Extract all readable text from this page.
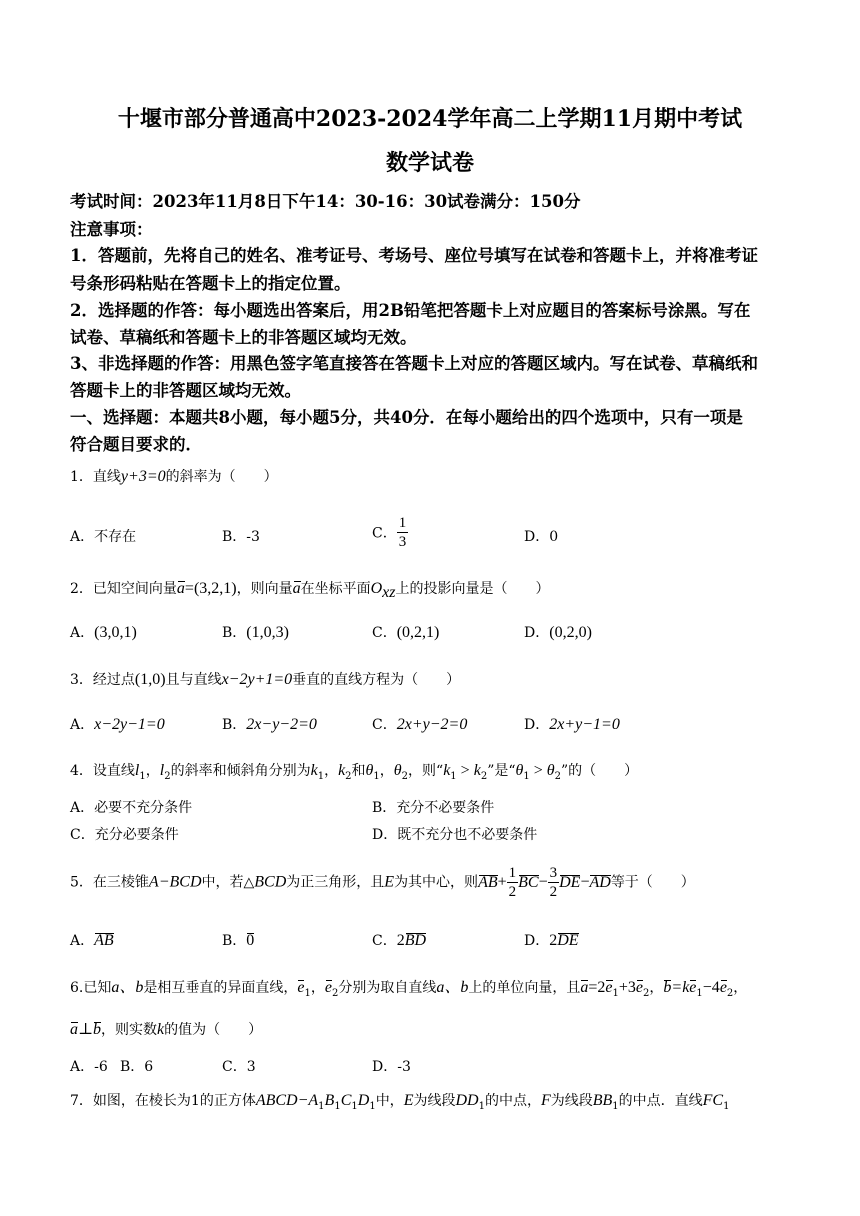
十堰市部分普通高中2023-2024学年高二上学期11月期中考试
数学试卷
考试时间：2023年11月8日下午14：30-16：30试卷满分：150分
注意事项：
1．答题前，先将自己的姓名、准考证号、考场号、座位号填写在试卷和答题卡上，并将准考证
号条形码粘贴在答题卡上的指定位置。
2．选择题的作答：每小题选出答案后，用2B铅笔把答题卡上对应题目的答案标号涂黑。写在
试卷、草稿纸和答题卡上的非答题区域均无效。
3、非选择题的作答：用黑色签字笔直接答在答题卡上对应的答题区域内。写在试卷、草稿纸和
答题卡上的非答题区域均无效。
一、选择题：本题共8小题，每小题5分，共40分．在每小题给出的四个选项中，只有一项是
符合题目要求的．
1．直线y+3=0的斜率为（　　）
A．不存在	B．-3	C． $\frac{1}{3}$	D．0
2．已知空间向量a=(3,2,1)，则向量a在坐标平面$O_{xz}$上的投影向量是（　　）
A．(3,0,1)	B．(1,0,3)	C．(0,2,1)	D．(0,2,0)
3．经过点(1,0)且与直线x−2y+1=0垂直的直线方程为（　　）
A．x−2y−1=0	B．2x−y−2=0	C．2x+y−2=0	D．2x+y−1=0
4．设直线$l_1$，$l_2$的斜率和倾斜角分别为$k_1$，$k_2$和$\theta_1$，$\theta_2$，则“$k_1 > k_2$”是“$\theta_1 > \theta_2$”的（　　）
A．必要不充分条件	B．充分不必要条件
C．充分必要条件	D．既不充分也不必要条件
5．在三棱锥A−BCD中，若△BCD为正三角形，且E为其中心，则$AB+ \frac{1}{2} BC- \frac{3}{2} DE-AD$等于（　　）
A．AB	B．0	C．2BD	D．2DE
6.已知a、b是相互垂直的异面直线，$e_1$，$e_2$分别为取自直线a、b上的单位向量，且$a=2e_1+3e_2$，$b=ke_1-4e_2$，
a⊥b，则实数k的值为（　　）
A．-6 B．6	C．3	D．-3
7．如图，在棱长为1的正方体$ABCD-A_1B_1C_1D_1$中，E为线段$DD_1$的中点，F为线段$BB_1$的中点．直线$FC_1$
